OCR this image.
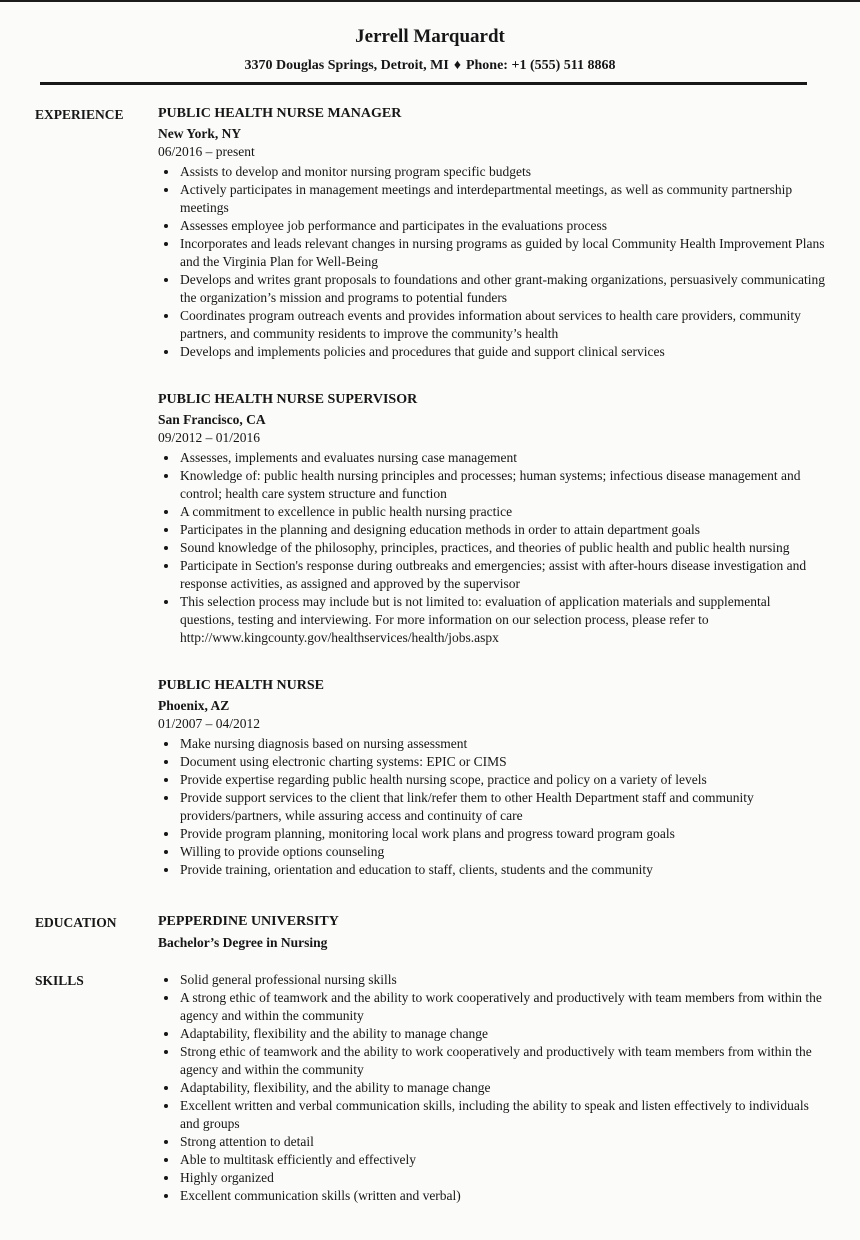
Jerrell Marquardt
3370 Douglas Springs, Detroit, MI ♦ Phone: +1 (555) 511 8868
EXPERIENCE	PUBLIC HEALTH NURSE MANAGER
New York, NY
06/2016 – present
• Assists to develop and monitor nursing program specific budgets
• Actively participates in management meetings and interdepartmental meetings, as well as community partnership meetings
• Assesses employee job performance and participates in the evaluations process
• Incorporates and leads relevant changes in nursing programs as guided by local Community Health Improvement Plans and the Virginia Plan for Well-Being
• Develops and writes grant proposals to foundations and other grant-making organizations, persuasively communicating the organization’s mission and programs to potential funders
• Coordinates program outreach events and provides information about services to health care providers, community partners, and community residents to improve the community’s health
• Develops and implements policies and procedures that guide and support clinical services
PUBLIC HEALTH NURSE SUPERVISOR
San Francisco, CA
09/2012 – 01/2016
• Assesses, implements and evaluates nursing case management
• Knowledge of: public health nursing principles and processes; human systems; infectious disease management and control; health care system structure and function
• A commitment to excellence in public health nursing practice
• Participates in the planning and designing education methods in order to attain department goals
• Sound knowledge of the philosophy, principles, practices, and theories of public health and public health nursing
• Participate in Section's response during outbreaks and emergencies; assist with after-hours disease investigation and response activities, as assigned and approved by the supervisor
• This selection process may include but is not limited to: evaluation of application materials and supplemental questions, testing and interviewing. For more information on our selection process, please refer to http://www.kingcounty.gov/healthservices/health/jobs.aspx
PUBLIC HEALTH NURSE
Phoenix, AZ
01/2007 – 04/2012
• Make nursing diagnosis based on nursing assessment
• Document using electronic charting systems: EPIC or CIMS
• Provide expertise regarding public health nursing scope, practice and policy on a variety of levels
• Provide support services to the client that link/refer them to other Health Department staff and community providers/partners, while assuring access and continuity of care
• Provide program planning, monitoring local work plans and progress toward program goals
• Willing to provide options counseling
• Provide training, orientation and education to staff, clients, students and the community
EDUCATION	PEPPERDINE UNIVERSITY
Bachelor’s Degree in Nursing
SKILLS	• Solid general professional nursing skills
• A strong ethic of teamwork and the ability to work cooperatively and productively with team members from within the agency and within the community
• Adaptability, flexibility and the ability to manage change
• Strong ethic of teamwork and the ability to work cooperatively and productively with team members from within the agency and within the community
• Adaptability, flexibility, and the ability to manage change
• Excellent written and verbal communication skills, including the ability to speak and listen effectively to individuals and groups
• Strong attention to detail
• Able to multitask efficiently and effectively
• Highly organized
• Excellent communication skills (written and verbal)
